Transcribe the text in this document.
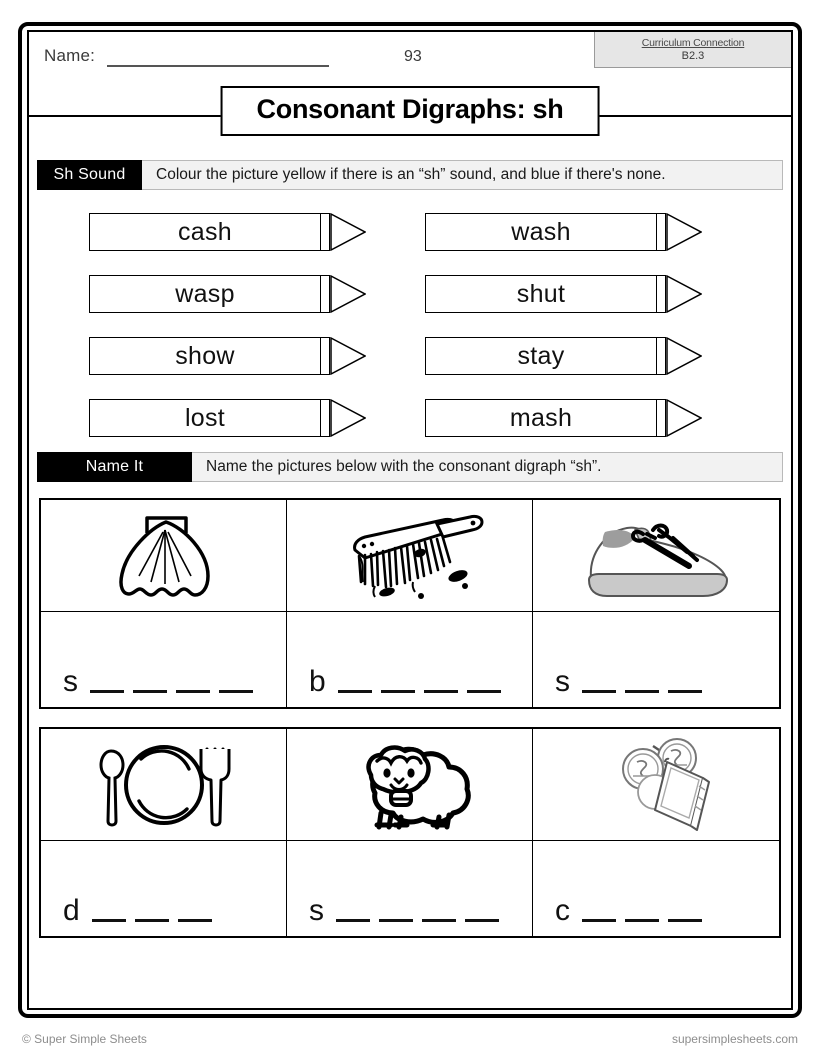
Name:	93
Curriculum Connection
B2.3
Consonant Digraphs: sh
Sh Sound	Colour the picture yellow if there is an “sh” sound, and blue if there's none.
cash	wash
wasp	shut
show	stay
lost	mash
Name It	Name the pictures below with the consonant digraph “sh”.
s	b	s
d	s	c
© Super Simple Sheets	supersimplesheets.com
